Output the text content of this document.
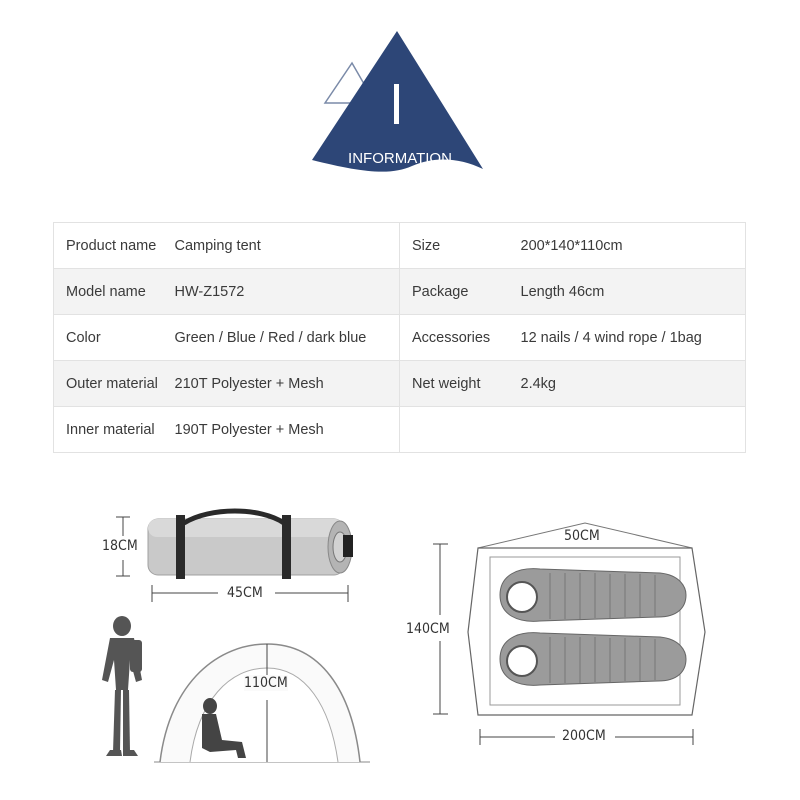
INFORMATION
Product name	Camping tent	Size	200*140*110cm
Model name	HW-Z1572	Package	Length 46cm
Color	Green / Blue / Red / dark blue	Accessories	12 nails / 4 wind rope / 1bag
Outer material	210T Polyester + Mesh	Net weight	2.4kg
Inner material	190T Polyester + Mesh		
18CM
45CM
110CM
50CM
140CM
200CM
